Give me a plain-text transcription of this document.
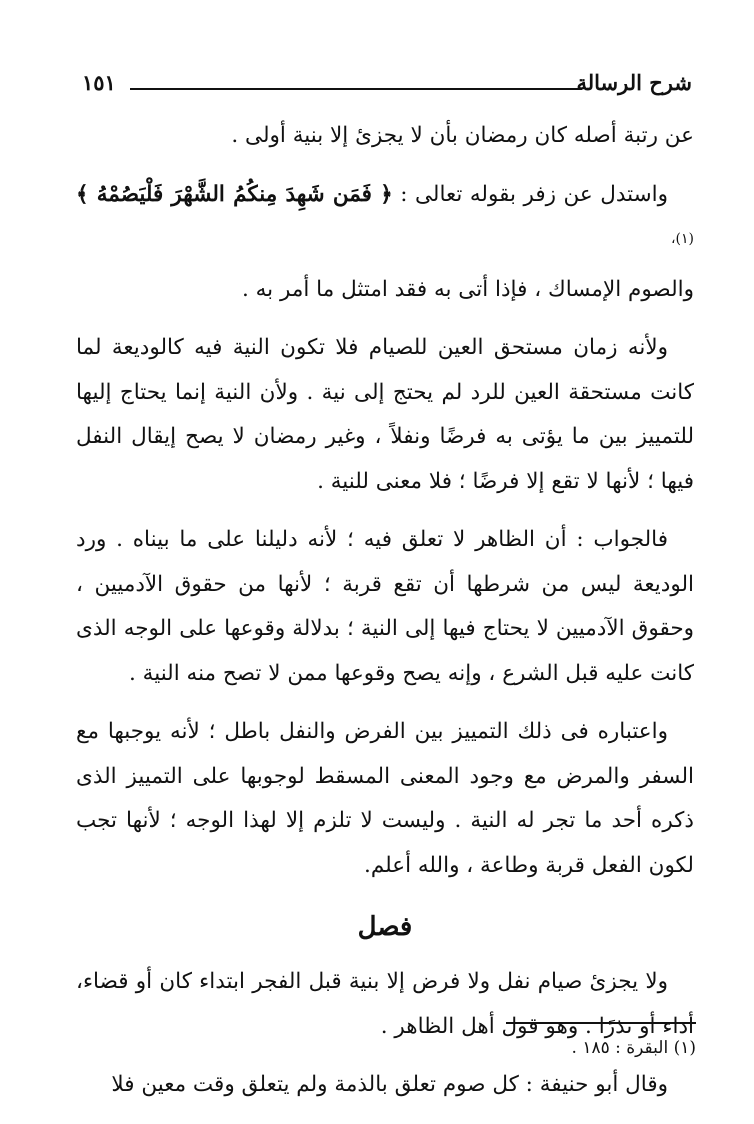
شرح الرسالة
١٥١

عن رتبة أصله كان رمضان بأن لا يجزئ إلا بنية أولى .

واستدل عن زفر بقوله تعالى : ﴿ فَمَن شَهِدَ مِنكُمُ الشَّهْرَ فَلْيَصُمْهُ ﴾ $^{(١)،}$

والصوم الإمساك ، فإذا أتى به فقد امتثل ما أمر به .

ولأنه زمان مستحق العين للصيام فلا تكون النية فيه كالوديعة لما كانت مستحقة العين للرد لم يحتج إلى نية . ولأن النية إنما يحتاج إليها للتمييز بين ما يؤتى به فرضًا ونفلاً ، وغير رمضان لا يصح إيقال النفل فيها ؛ لأنها لا تقع إلا فرضًا ؛ فلا معنى للنية .

فالجواب : أن الظاهر لا تعلق فيه ؛ لأنه دليلنا على ما بيناه . ورد الوديعة ليس من شرطها أن تقع قربة ؛ لأنها من حقوق الآدميين ، وحقوق الآدميين لا يحتاج فيها إلى النية ؛ بدلالة وقوعها على الوجه الذى كانت عليه قبل الشرع ، وإنه يصح وقوعها ممن لا تصح منه النية .

واعتباره فى ذلك التمييز بين الفرض والنفل باطل ؛ لأنه يوجبها مع السفر والمرض مع وجود المعنى المسقط لوجوبها على التمييز الذى ذكره أحد ما تجر له النية . وليست لا تلزم إلا لهذا الوجه ؛ لأنها تجب لكون الفعل قربة وطاعة ، والله أعلم.

فصل

ولا يجزئ صيام نفل ولا فرض إلا بنية قبل الفجر ابتداء كان أو قضاء، أداء أو نذرًا . وهو قول أهل الظاهر .

وقال أبو حنيفة : كل صوم تعلق بالذمة ولم يتعلق وقت معين فلا

(١) البقرة : ١٨٥ .
